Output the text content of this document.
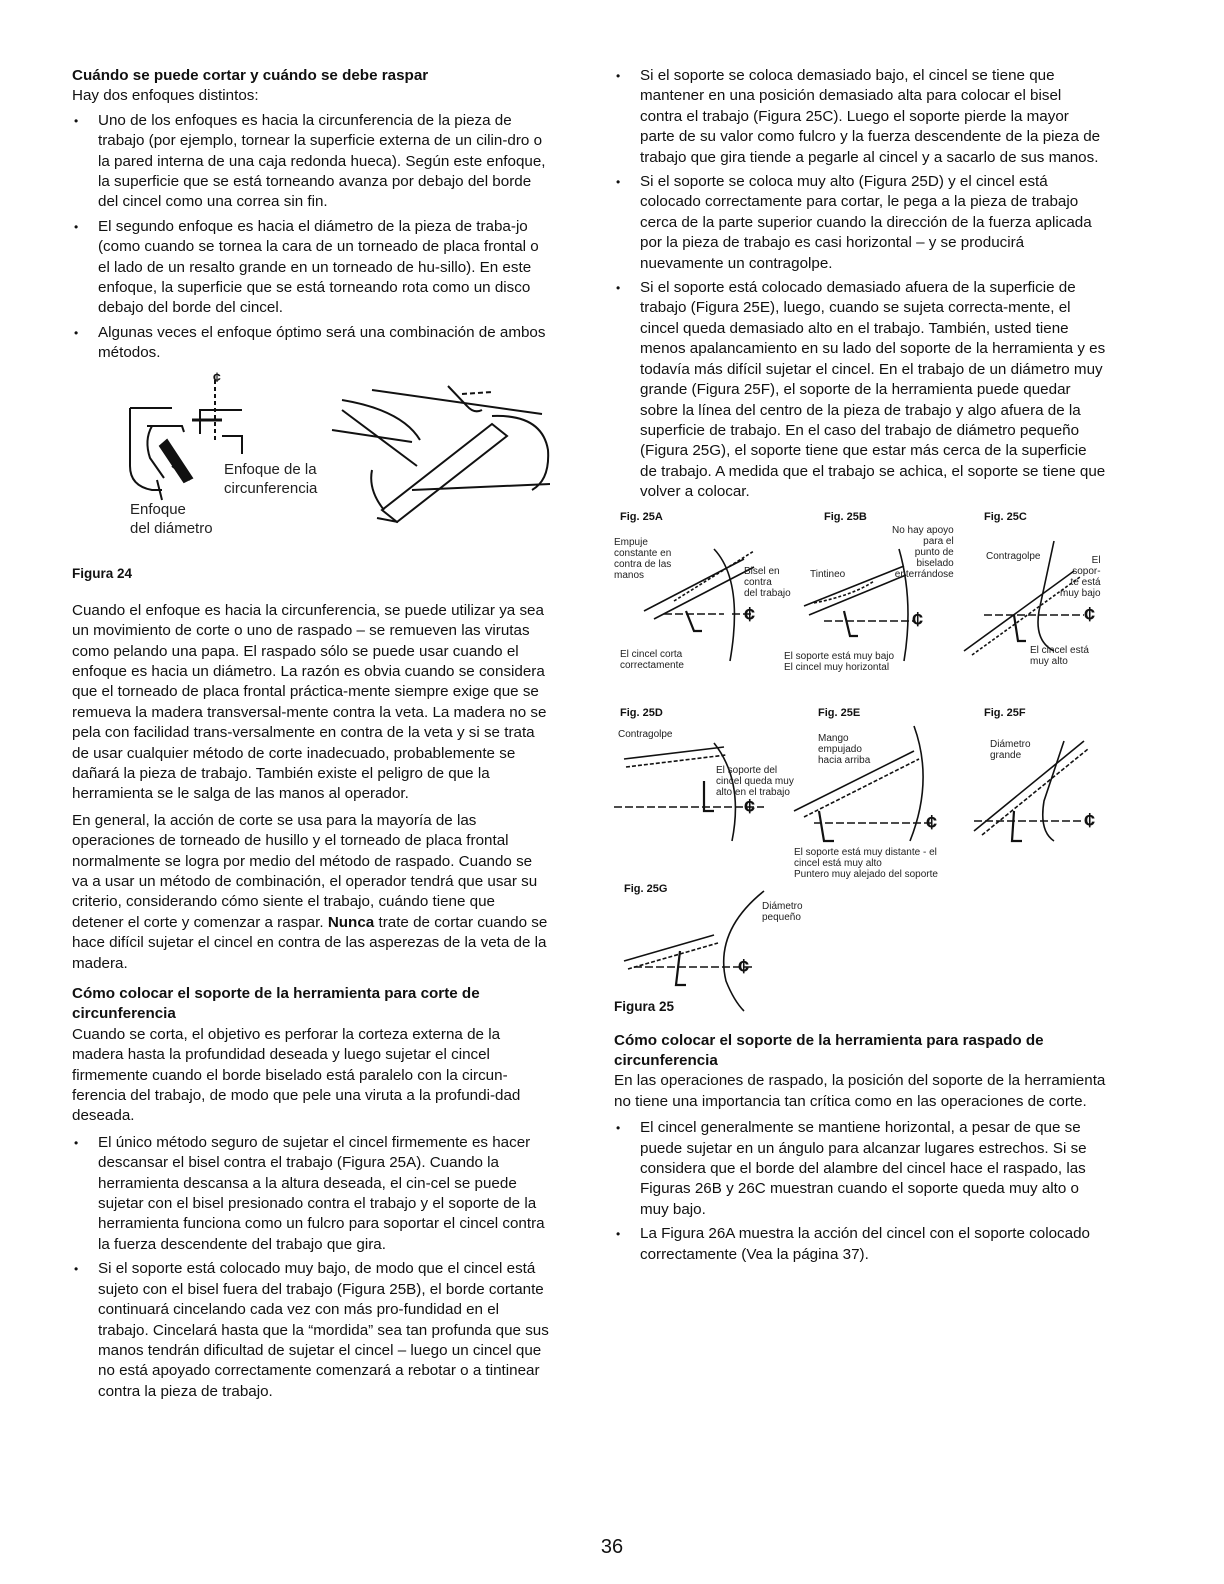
Cuándo se puede cortar y cuándo se debe raspar

Hay dos enfoques distintos:

• Uno de los enfoques es hacia la circunferencia de la pieza de trabajo (por ejemplo, tornear la superficie externa de un cilin-dro o la pared interna de una caja redonda hueca). Según este enfoque, la superficie que se está torneando avanza por debajo del borde del cincel como una correa sin fin.
• El segundo enfoque es hacia el diámetro de la pieza de traba-jo (como cuando se tornea la cara de un torneado de placa frontal o el lado de un resalto grande en un torneado de hu-sillo). En este enfoque, la superficie que se está torneando rota como un disco debajo del borde del cincel.
• Algunas veces el enfoque óptimo será una combinación de ambos métodos.
¢
Enfoque de la
circunferencia
Enfoque
del diámetro
Figura 24

Cuando el enfoque es hacia la circunferencia, se puede utilizar ya sea un movimiento de corte o uno de raspado – se remueven las virutas como pelando una papa. El raspado sólo se puede usar cuando el enfoque es hacia un diámetro. La razón es obvia cuando se considera que el torneado de placa frontal práctica-mente siempre exige que se remueva la madera transversal-mente contra la veta. La madera no se pela con facilidad trans-versalmente en contra de la veta y si se trata de usar cualquier método de corte inadecuado, probablemente se dañará la pieza de trabajo. También existe el peligro de que la herramienta se le salga de las manos al operador.

En general, la acción de corte se usa para la mayoría de las operaciones de torneado de husillo y el torneado de placa frontal normalmente se logra por medio del método de raspado. Cuando se va a usar un método de combinación, el operador tendrá que usar su criterio, considerando cómo siente el trabajo, cuándo tiene que detener el corte y comenzar a raspar. Nunca trate de cortar cuando se hace difícil sujetar el cincel en contra de las asperezas de la veta de la madera.

Cómo colocar el soporte de la herramienta para corte de circunferencia

Cuando se corta, el objetivo es perforar la corteza externa de la madera hasta la profundidad deseada y luego sujetar el cincel firmemente cuando el borde biselado está paralelo con la circun-ferencia del trabajo, de modo que pele una viruta a la profundi-dad deseada.

• El único método seguro de sujetar el cincel firmemente es hacer descansar el bisel contra el trabajo (Figura 25A). Cuando la herramienta descansa a la altura deseada, el cin-cel se puede sujetar con el bisel presionado contra el trabajo y el soporte de la herramienta funciona como un fulcro para soportar el cincel contra la fuerza descendente del trabajo que gira.
• Si el soporte está colocado muy bajo, de modo que el cincel está sujeto con el bisel fuera del trabajo (Figura 25B), el borde cortante continuará cincelando cada vez con más pro-fundidad en el trabajo. Cincelará hasta que la “mordida” sea tan profunda que sus manos tendrán dificultad de sujetar el cincel – luego un cincel que no está apoyado correctamente comenzará a rebotar o a tintinear contra la pieza de trabajo.
• Si el soporte se coloca demasiado bajo, el cincel se tiene que mantener en una posición demasiado alta para colocar el bisel contra el trabajo (Figura 25C). Luego el soporte pierde la mayor parte de su valor como fulcro y la fuerza descendente de la pieza de trabajo que gira tiende a pegarle al cincel y a sacarlo de sus manos.
• Si el soporte se coloca muy alto (Figura 25D) y el cincel está colocado correctamente para cortar, le pega a la pieza de trabajo cerca de la parte superior cuando la dirección de la fuerza aplicada por la pieza de trabajo es casi horizontal – y se producirá nuevamente un contragolpe.
• Si el soporte está colocado demasiado afuera de la superficie de trabajo (Figura 25E), luego, cuando se sujeta correcta-mente, el cincel queda demasiado alto en el trabajo. También, usted tiene menos apalancamiento en su lado del soporte de la herramienta y es todavía más difícil sujetar el cincel. En el trabajo de un diámetro muy grande (Figura 25F), el soporte de la herramienta puede quedar sobre la línea del centro de la pieza de trabajo y algo afuera de la superficie de trabajo. En el caso del trabajo de diámetro pequeño (Figura 25G), el soporte tiene que estar más cerca de la superficie de trabajo. A medida que el trabajo se achica, el soporte se tiene que volver a colocar.
¢	¢	¢
¢
¢	¢
¢
Fig. 25A
Empuje
constante en
contra de las
manos	Bisel en
contra
del trabajo
El cincel corta
correctamente
Fig. 25B
No hay apoyo
para el
punto de
biselado
enterrándose
Tintineo
El soporte está muy bajo
El cincel muy horizontal
Fig. 25C
Contragolpe	El
sopor-
te está
muy bajo
El cincel está
muy alto
Fig. 25D
Contragolpe
El soporte del
cincel queda muy
alto en el trabajo
Fig. 25E
Mango
empujado
hacia arriba
El soporte está muy distante - el
cincel está muy alto
Puntero muy alejado del soporte
Fig. 25F
Diámetro
grande
Fig. 25G
Diámetro
pequeño
Figura 25
Cómo colocar el soporte de la herramienta para raspado de circunferencia

En las operaciones de raspado, la posición del soporte de la herramienta no tiene una importancia tan crítica como en las operaciones de corte.

• El cincel generalmente se mantiene horizontal, a pesar de que se puede sujetar en un ángulo para alcanzar lugares estrechos. Si se considera que el borde del alambre del cincel hace el raspado, las Figuras 26B y 26C muestran cuando el soporte queda muy alto o muy bajo.
• La Figura 26A muestra la acción del cincel con el soporte colocado correctamente (Vea la página 37).
36
